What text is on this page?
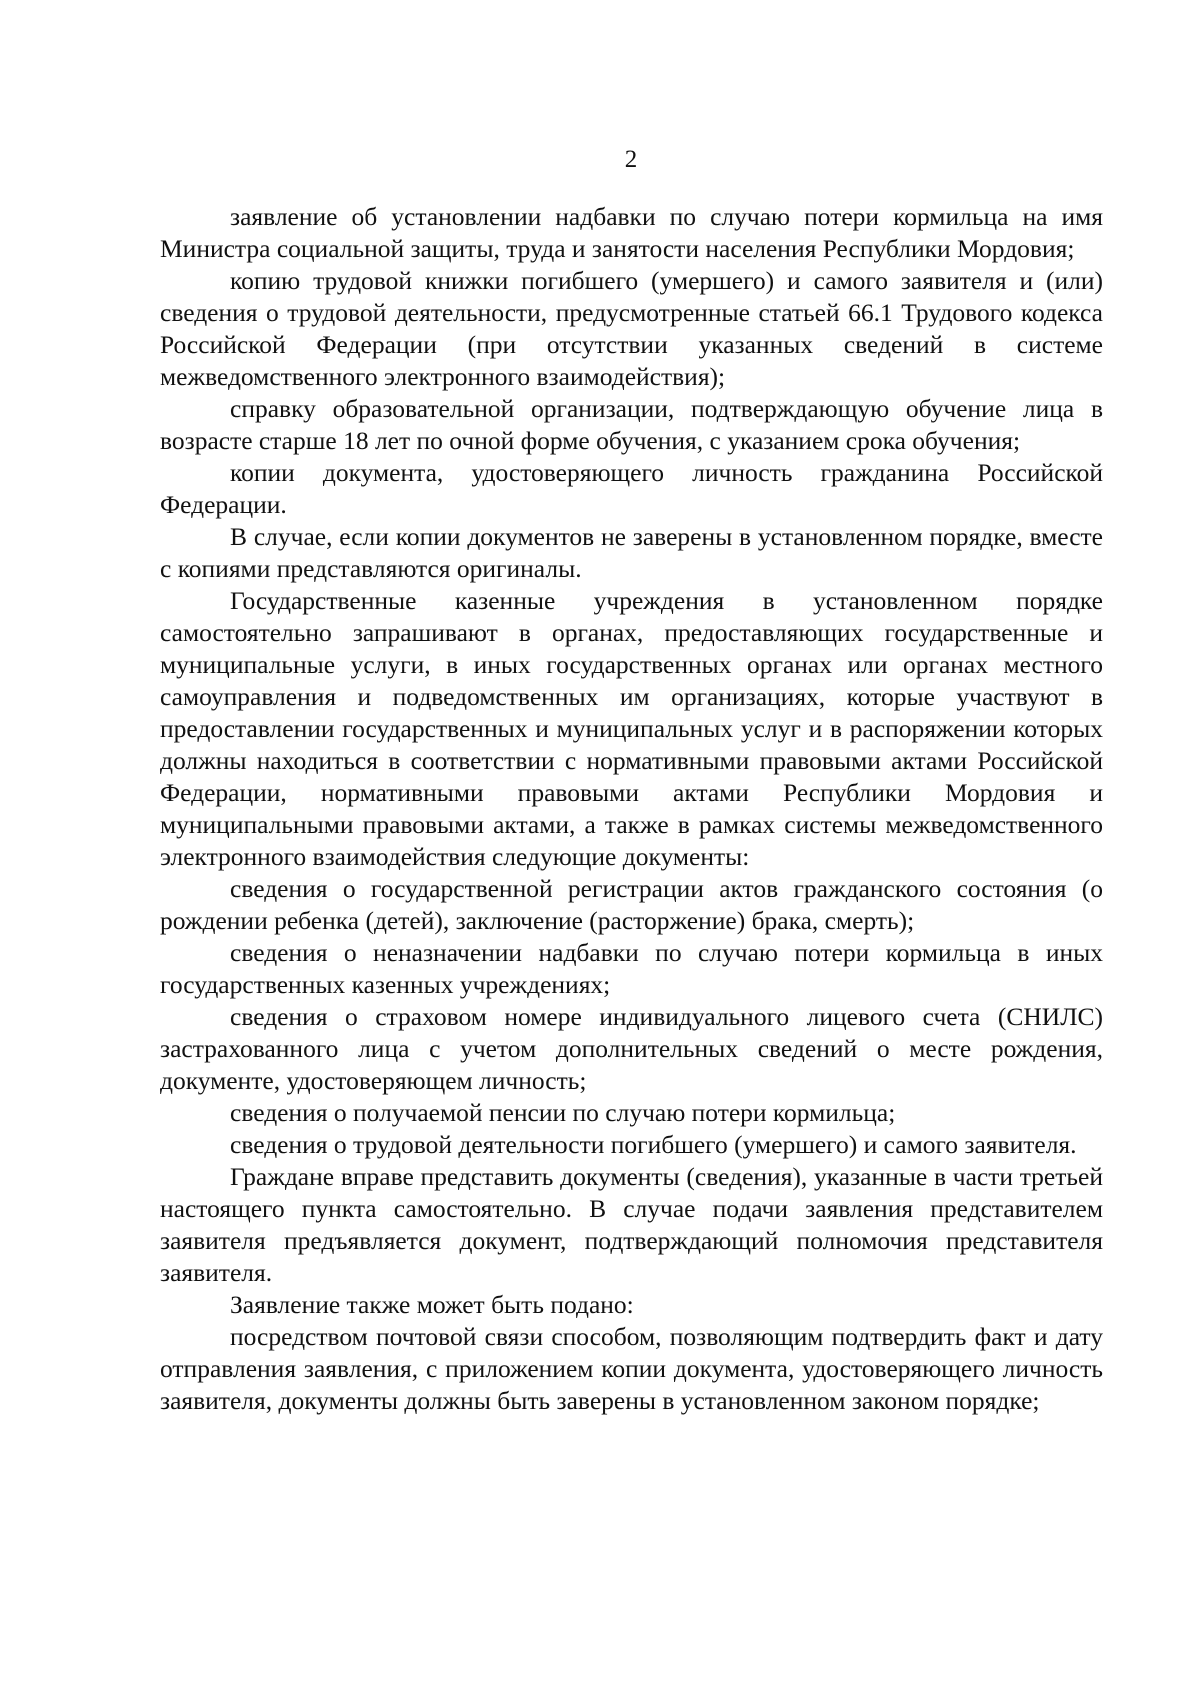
2

заявление об установлении надбавки по случаю потери кормильца на имя Министра социальной защиты, труда и занятости населения Республики Мордовия;

копию трудовой книжки погибшего (умершего) и самого заявителя и (или) сведения о трудовой деятельности, предусмотренные статьей 66.1 Трудового кодекса Российской Федерации (при отсутствии указанных сведений в системе межведомственного электронного взаимодействия);

справку образовательной организации, подтверждающую обучение лица в возрасте старше 18 лет по очной форме обучения, с указанием срока обучения;

копии документа, удостоверяющего личность гражданина Российской Федерации.

В случае, если копии документов не заверены в установленном порядке, вместе с копиями представляются оригиналы.

Государственные казенные учреждения в установленном порядке самостоятельно запрашивают в органах, предоставляющих государственные и муниципальные услуги, в иных государственных органах или органах местного самоуправления и подведомственных им организациях, которые участвуют в предоставлении государственных и муниципальных услуг и в распоряжении которых должны находиться в соответствии с нормативными правовыми актами Российской Федерации, нормативными правовыми актами Республики Мордовия и муниципальными правовыми актами, а также в рамках системы межведомственного электронного взаимодействия следующие документы:

сведения о государственной регистрации актов гражданского состояния (о рождении ребенка (детей), заключение (расторжение) брака, смерть);

сведения о неназначении надбавки по случаю потери кормильца в иных государственных казенных учреждениях;

сведения о страховом номере индивидуального лицевого счета (СНИЛС) застрахованного лица с учетом дополнительных сведений о месте рождения, документе, удостоверяющем личность;

сведения о получаемой пенсии по случаю потери кормильца;

сведения о трудовой деятельности погибшего (умершего) и самого заявителя.

Граждане вправе представить документы (сведения), указанные в части третьей настоящего пункта самостоятельно. В случае подачи заявления представителем заявителя предъявляется документ, подтверждающий полномочия представителя заявителя.

Заявление также может быть подано:

посредством почтовой связи способом, позволяющим подтвердить факт и дату отправления заявления, с приложением копии документа, удостоверяющего личность заявителя, документы должны быть заверены в установленном законом порядке;
